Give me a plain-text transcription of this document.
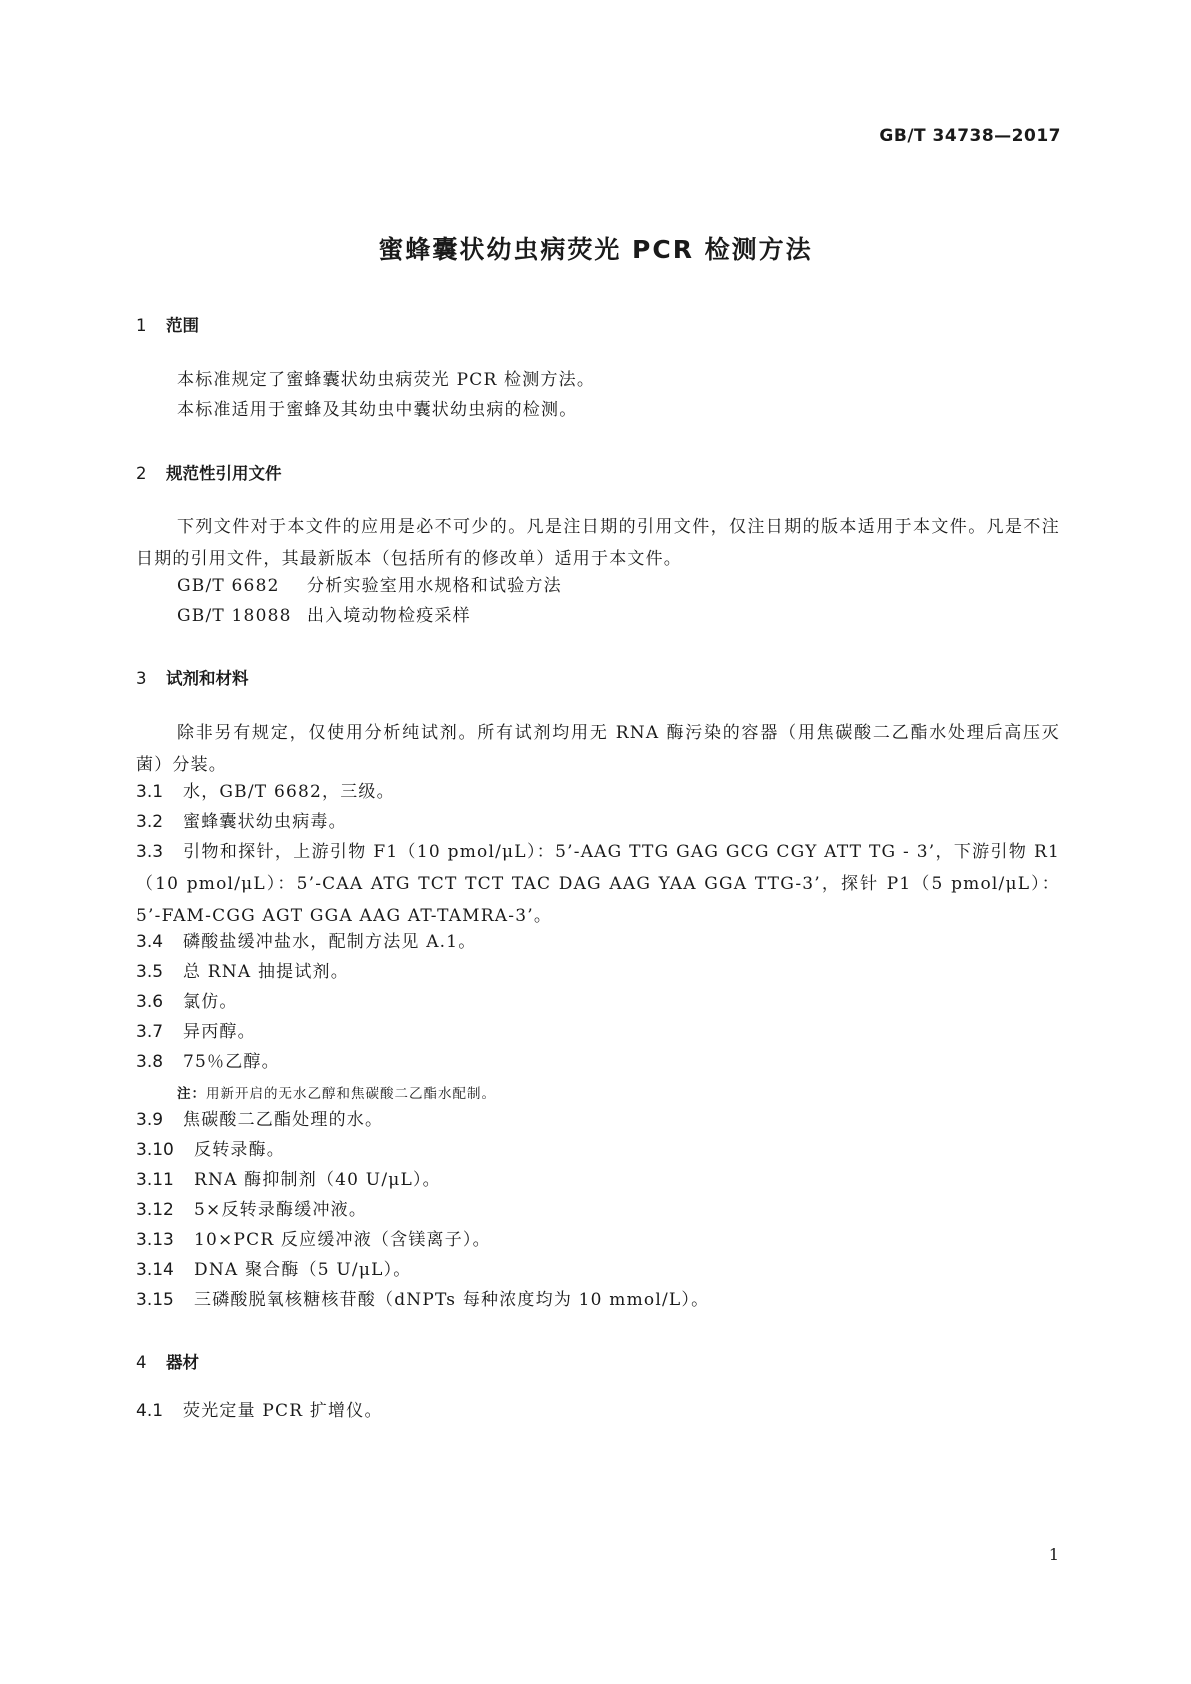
GB/T 34738—2017
蜜蜂囊状幼虫病荧光 PCR 检测方法
1 范围

本标准规定了蜜蜂囊状幼虫病荧光 PCR 检测方法。

本标准适用于蜜蜂及其幼虫中囊状幼虫病的检测。

2 规范性引用文件

下列文件对于本文件的应用是必不可少的。凡是注日期的引用文件，仅注日期的版本适用于本文件。凡是不注日期的引用文件，其最新版本（包括所有的修改单）适用于本文件。

GB/T 6682 分析实验室用水规格和试验方法

GB/T 18088 出入境动物检疫采样

3 试剂和材料

除非另有规定，仅使用分析纯试剂。所有试剂均用无 RNA 酶污染的容器（用焦碳酸二乙酯水处理后高压灭菌）分装。

3.1 水，GB/T 6682，三级。

3.2 蜜蜂囊状幼虫病毒。

3.3 引物和探针，上游引物 F1（10 pmol/μL）：5’-AAG TTG GAG GCG CGY ATT TG - 3’，下游引物 R1（10 pmol/μL）：5’-CAA ATG TCT TCT TAC DAG AAG YAA GGA TTG-3’，探针 P1（5 pmol/μL）：5’-FAM-CGG AGT GGA AAG AT-TAMRA-3’。

3.4 磷酸盐缓冲盐水，配制方法见 A.1。

3.5 总 RNA 抽提试剂。

3.6 氯仿。

3.7 异丙醇。

3.8 75％乙醇。

注：用新开启的无水乙醇和焦碳酸二乙酯水配制。

3.9 焦碳酸二乙酯处理的水。

3.10 反转录酶。

3.11 RNA 酶抑制剂（40 U/μL）。

3.12 5×反转录酶缓冲液。

3.13 10×PCR 反应缓冲液（含镁离子）。

3.14 DNA 聚合酶（5 U/μL）。

3.15 三磷酸脱氧核糖核苷酸（dNPTs 每种浓度均为 10 mmol/L）。

4 器材

4.1 荧光定量 PCR 扩增仪。

1
